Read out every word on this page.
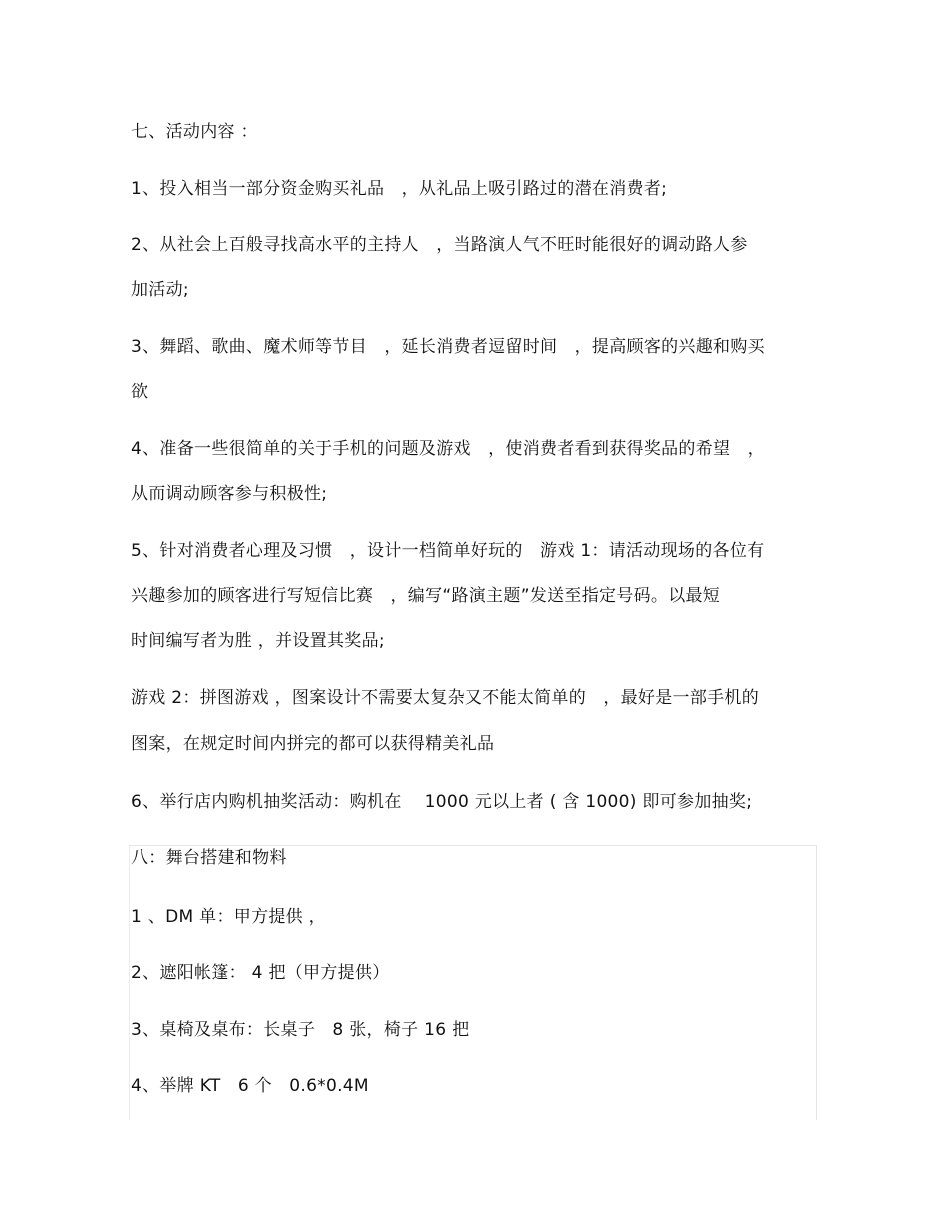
七、活动内容 ：
1、投入相当一部分资金购买礼品　，从礼品上吸引路过的潜在消费者;
2、从社会上百般寻找高水平的主持人　，当路演人气不旺时能很好的调动路人参
加活动;
3、舞蹈、歌曲、魔术师等节目　，延长消费者逗留时间　，提高顾客的兴趣和购买
欲
4、准备一些很简单的关于手机的问题及游戏　，使消费者看到获得奖品的希望　，
从而调动顾客参与积极性;
5、针对消费者心理及习惯　，设计一档简单好玩的　游戏 1：请活动现场的各位有
兴趣参加的顾客进行写短信比赛　，编写“路演主题”发送至指定号码。以最短
时间编写者为胜 ，并设置其奖品;
游戏 2：拼图游戏 ，图案设计不需要太复杂又不能太简单的　，最好是一部手机的
图案，在规定时间内拼完的都可以获得精美礼品
6、举行店内购机抽奖活动：购机在　 1000 元以上者 ( 含 1000) 即可参加抽奖;
八：舞台搭建和物料
1 、DM 单：甲方提供 ，
2、遮阳帐篷： 4 把（甲方提供）
3、桌椅及桌布：长桌子　8 张，椅子 16 把
4、举牌 KT　6 个　0.6*0.4M
